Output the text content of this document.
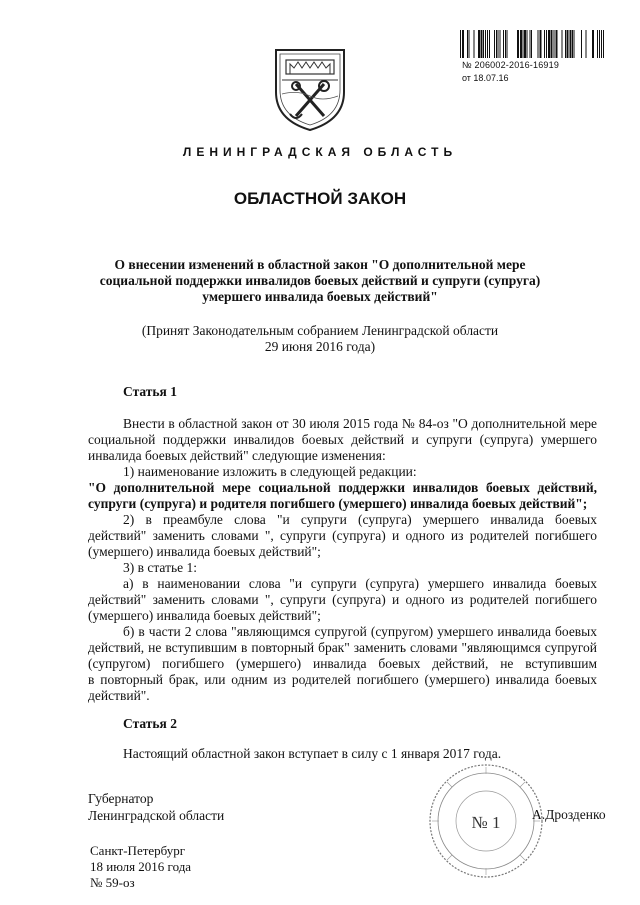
№ 206002-2016-16919
от 18.07.16
ЛЕНИНГРАДСКАЯ ОБЛАСТЬ
ОБЛАСТНОЙ ЗАКОН
О внесении изменений в областной закон "О дополнительной мере
социальной поддержки инвалидов боевых действий и супруги (супруга)
умершего инвалида боевых действий"
(Принят Законодательным собранием Ленинградской области
29 июня 2016 года)
Статья 1
Внести в областной закон от 30 июля 2015 года № 84-оз "О дополнительной мере
социальной поддержки инвалидов боевых действий и супруги (супруга) умершего
инвалида боевых действий" следующие изменения:
1) наименование изложить в следующей редакции:
"О дополнительной мере социальной поддержки инвалидов боевых действий,
супруги (супруга) и родителя погибшего (умершего) инвалида боевых действий";
2) в преамбуле слова "и супруги (супруга) умершего инвалида боевых
действий" заменить словами ", супруги (супруга) и одного из родителей погибшего
(умершего) инвалида боевых действий";
3) в статье 1:
а) в наименовании слова "и супруги (супруга) умершего инвалида боевых
действий" заменить словами ", супруги (супруга) и одного из родителей погибшего
(умершего) инвалида боевых действий";
б) в части 2 слова "являющимся супругой (супругом) умершего инвалида боевых
действий, не вступившим в повторный брак" заменить словами "являющимся супругой
(супругом) погибшего (умершего) инвалида боевых действий, не вступившим
в повторный брак, или одним из родителей погибшего (умершего) инвалида боевых
действий".
Статья 2
Настоящий областной закон вступает в силу с 1 января 2017 года.
№ 1
Губернатор
Ленинградской области	А.Дрозденко
Санкт-Петербург
18 июля 2016 года
№ 59-оз
